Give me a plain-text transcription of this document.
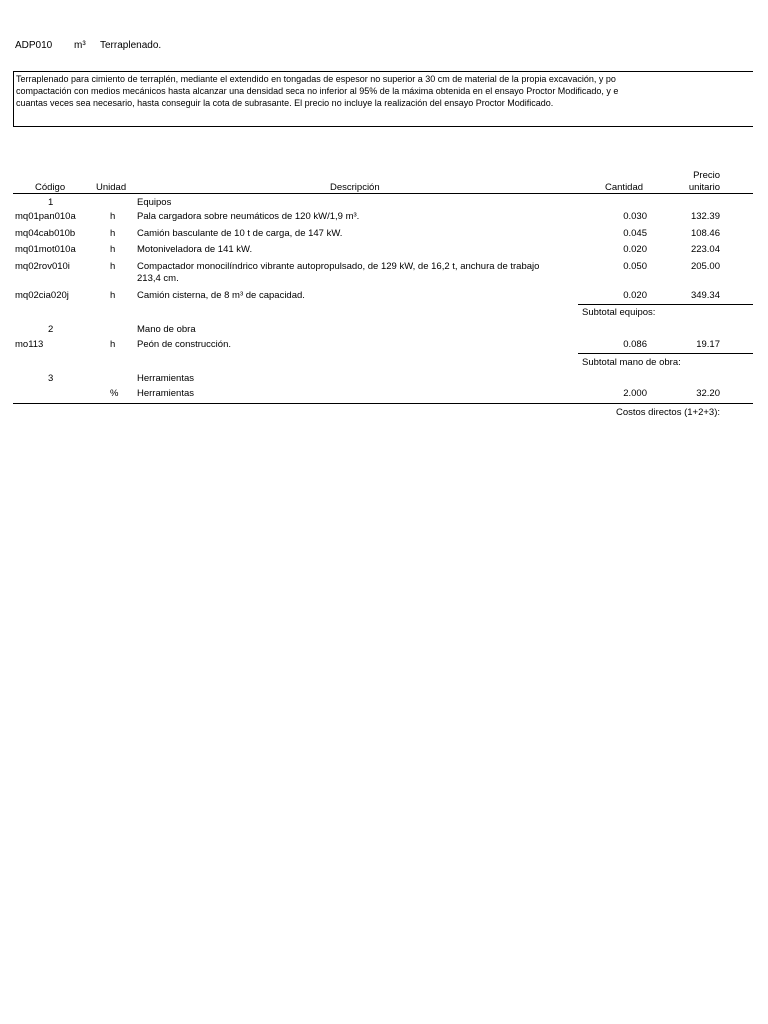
ADP010 m³ Terraplenado.
Terraplenado para cimiento de terraplén, mediante el extendido en tongadas de espesor no superior a 30 cm de material de la propia excavación, y po
compactación con medios mecánicos hasta alcanzar una densidad seca no inferior al 95% de la máxima obtenida en el ensayo Proctor Modificado, y e
cuantas veces sea necesario, hasta conseguir la cota de subrasante. El precio no incluye la realización del ensayo Proctor Modificado.
Código	Unidad	Descripción	Cantidad
Precio
unitario
1	Equipos
mq01pan010a	h Pala cargadora sobre neumáticos de 120 kW/1,9 m³.	0.030	132.39
mq04cab010b	h Camión basculante de 10 t de carga, de 147 kW.	0.045	108.46
mq01mot010a	h Motoniveladora de 141 kW.	0.020	223.04
mq02rov010i	h Compactador monocilíndrico vibrante autopropulsado, de 129 kW, de 16,2 t, anchura de trabajo 213,4 cm.
0.050	205.00
mq02cia020j	h Camión cisterna, de 8 m³ de capacidad.	0.020	349.34
Subtotal equipos:
2	Mano de obra
mo113	h Peón de construcción.	0.086	19.17
Subtotal mano de obra:
3	Herramientas
% Herramientas	2.000	32.20
Costos directos (1+2+3):
